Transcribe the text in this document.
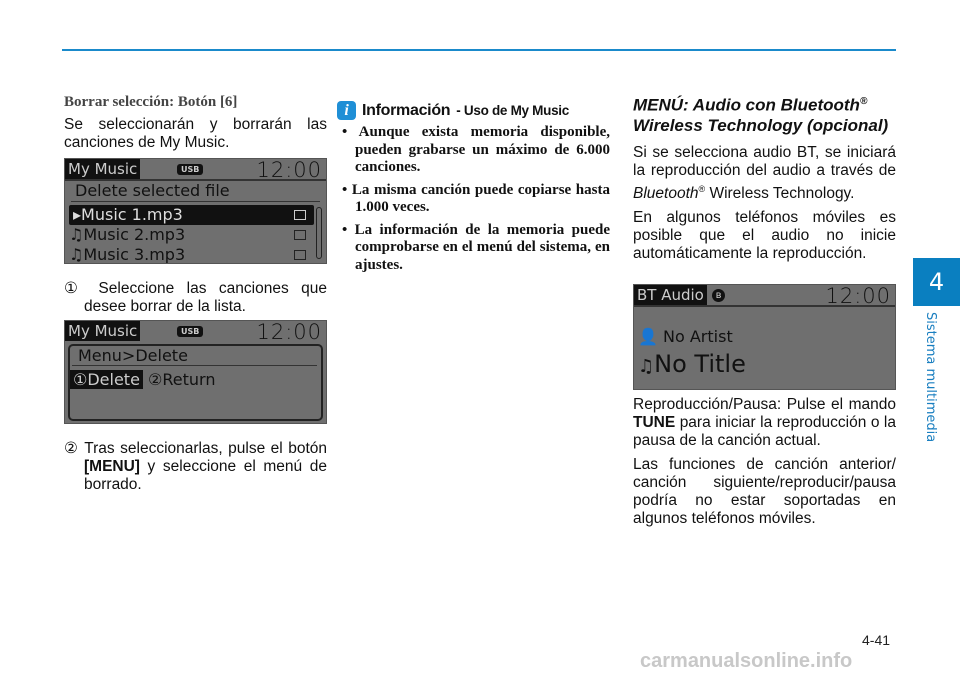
Borrar selección: Botón [6]

Se seleccionarán y borrarán las canciones de My Music.

My Music	USB	12:00
Delete selected file
▸Music 1.mp3
♫Music 2.mp3
♫Music 3.mp3

① Seleccione las canciones que desee borrar de la lista.

My Music	USB	12:00
Menu>Delete
①Delete ②Return

② Tras seleccionarlas, pulse el botón [MENU] y seleccione el menú de borrado.

i Información - Uso de My Music
• Aunque exista memoria disponible, pueden grabarse un máximo de 6.000 canciones.
• La misma canción puede copiarse hasta 1.000 veces.
• La información de la memoria puede comprobarse en el menú del sistema, en ajustes.
MENÚ: Audio con Bluetooth®
Wireless Technology (opcional)

Si se selecciona audio BT, se iniciará la reproducción del audio a través de Bluetooth® Wireless Technology.

En algunos teléfonos móviles es posible que el audio no inicie automáticamente la reproducción.

BT Audio	ʙ	12:00
👤 No Artist
♫No Title

Reproducción/Pausa: Pulse el mando TUNE para iniciar la reproducción o la pausa de la canción actual.

Las funciones de canción anterior/ canción siguiente/reproducir/pausa podría no estar soportadas en algunos teléfonos móviles.

4
Sistema multimedia
4-41
carmanualsonline.info
